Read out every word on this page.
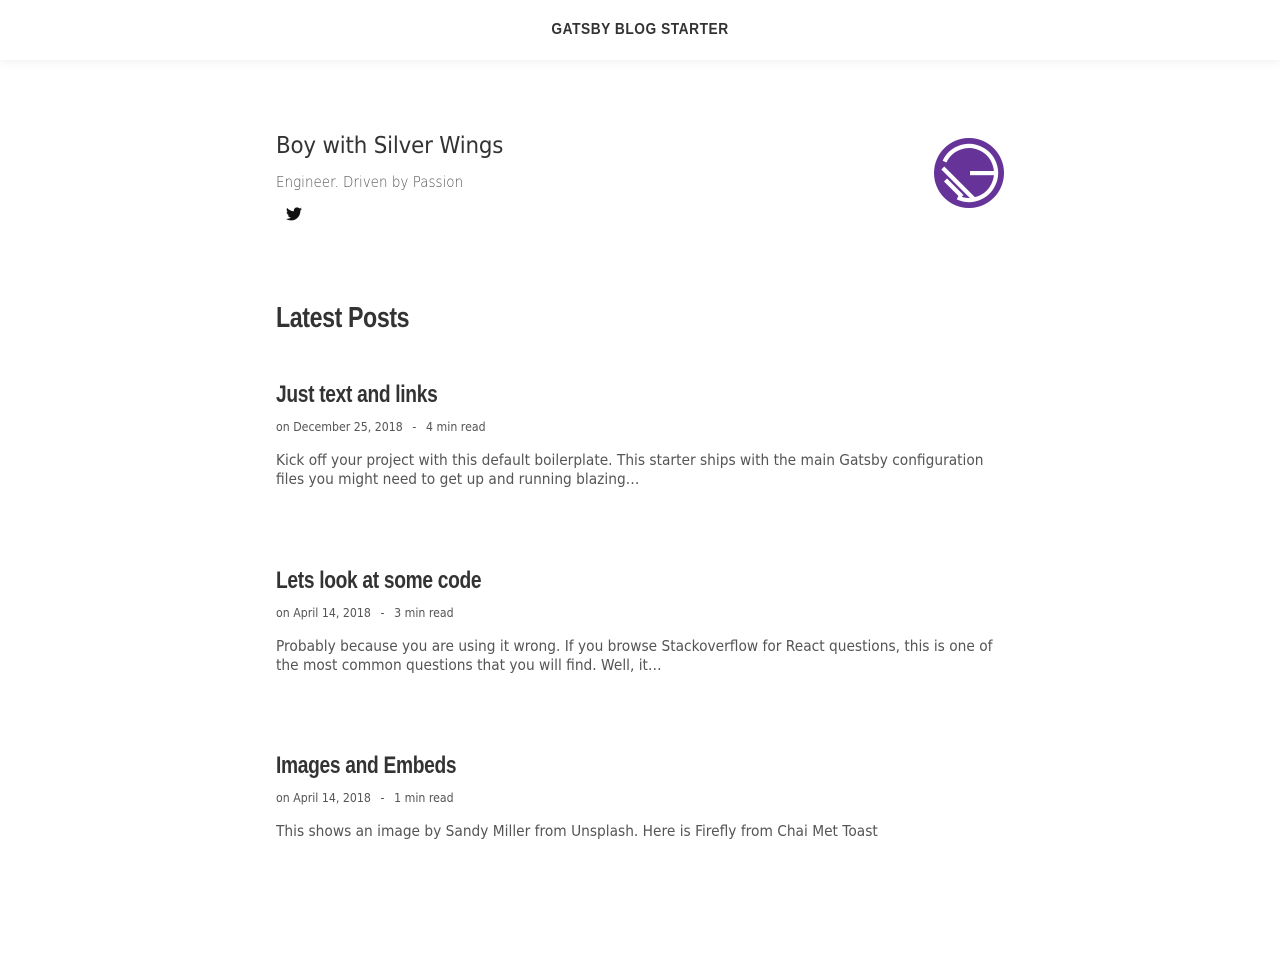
GATSBY BLOG STARTER
Boy with Silver Wings

Engineer. Driven by Passion

Latest Posts
Just text and links
on December 25, 2018 - 4 min read

Kick off your project with this default boilerplate. This starter ships with the main Gatsby configuration files you might need to get up and running blazing…

Lets look at some code
on April 14, 2018 - 3 min read

Probably because you are using it wrong. If you browse Stackoverflow for React questions, this is one of the most common questions that you will find. Well, it…

Images and Embeds
on April 14, 2018 - 1 min read

This shows an image by Sandy Miller from Unsplash. Here is Firefly from Chai Met Toast
